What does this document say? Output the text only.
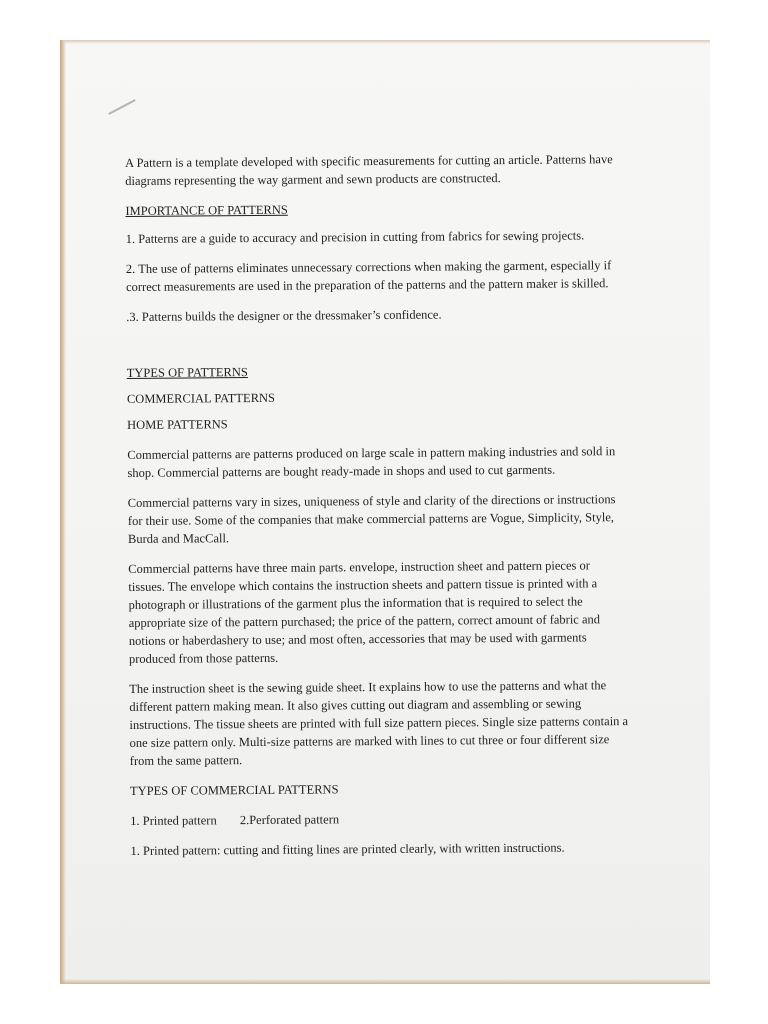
A Pattern is a template developed with specific measurements for cutting an article. Patterns have diagrams representing the way garment and sewn products are constructed.

IMPORTANCE OF PATTERNS

1. Patterns are a guide to accuracy and precision in cutting from fabrics for sewing projects.

2. The use of patterns eliminates unnecessary corrections when making the garment, especially if correct measurements are used in the preparation of the patterns and the pattern maker is skilled.

.3. Patterns builds the designer or the dressmaker’s confidence.

TYPES OF PATTERNS

COMMERCIAL PATTERNS

HOME PATTERNS

Commercial patterns are patterns produced on large scale in pattern making industries and sold in shop. Commercial patterns are bought ready-made in shops and used to cut garments.

Commercial patterns vary in sizes, uniqueness of style and clarity of the directions or instructions for their use. Some of the companies that make commercial patterns are Vogue, Simplicity, Style, Burda and MacCall.

Commercial patterns have three main parts. envelope, instruction sheet and pattern pieces or tissues. The envelope which contains the instruction sheets and pattern tissue is printed with a photograph or illustrations of the garment plus the information that is required to select the appropriate size of the pattern purchased; the price of the pattern, correct amount of fabric and notions or haberdashery to use; and most often, accessories that may be used with garments produced from those patterns.

The instruction sheet is the sewing guide sheet. It explains how to use the patterns and what the different pattern making mean. It also gives cutting out diagram and assembling or sewing instructions. The tissue sheets are printed with full size pattern pieces. Single size patterns contain a one size pattern only. Multi-size patterns are marked with lines to cut three or four different size from the same pattern.

TYPES OF COMMERCIAL PATTERNS

1. Printed pattern 2.Perforated pattern

1. Printed pattern: cutting and fitting lines are printed clearly, with written instructions.
